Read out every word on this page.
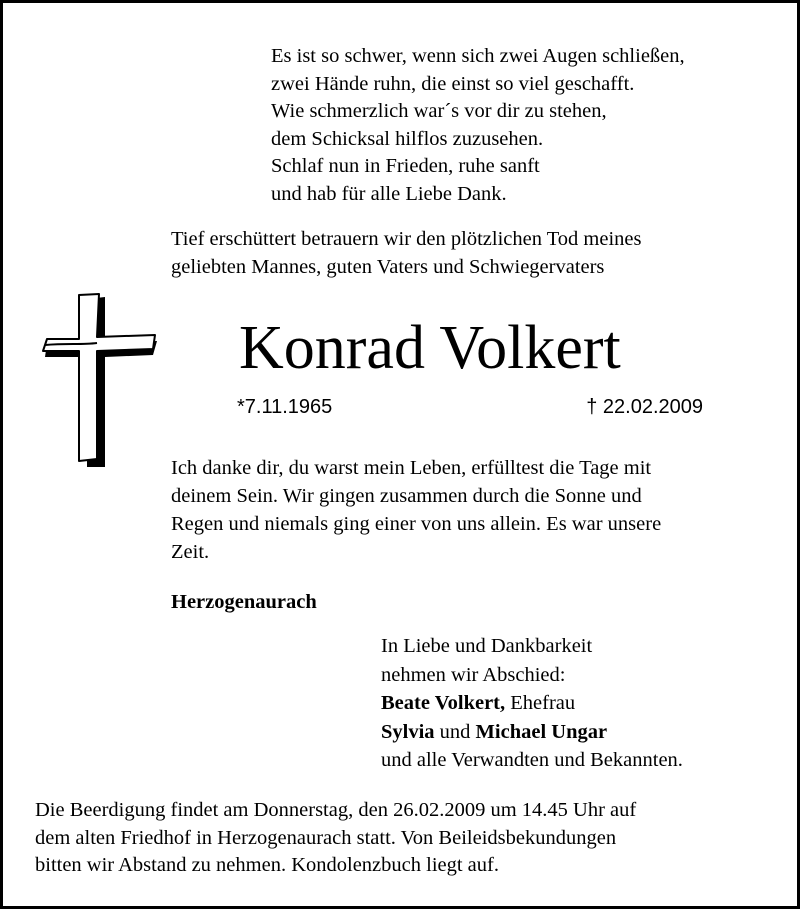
Es ist so schwer, wenn sich zwei Augen schließen,
zwei Hände ruhn, die einst so viel geschafft.
Wie schmerzlich war´s vor dir zu stehen,
dem Schicksal hilflos zuzusehen.
Schlaf nun in Frieden, ruhe sanft
und hab für alle Liebe Dank.
Tief erschüttert betrauern wir den plötzlichen Tod meines
geliebten Mannes, guten Vaters und Schwiegervaters
Konrad Volkert
*7.11.1965	† 22.02.2009
Ich danke dir, du warst mein Leben, erfülltest die Tage mit
deinem Sein. Wir gingen zusammen durch die Sonne und
Regen und niemals ging einer von uns allein. Es war unsere
Zeit.
Herzogenaurach
In Liebe und Dankbarkeit
nehmen wir Abschied:
Beate Volkert, Ehefrau
Sylvia und Michael Ungar
und alle Verwandten und Bekannten.
Die Beerdigung findet am Donnerstag, den 26.02.2009 um 14.45 Uhr auf
dem alten Friedhof in Herzogenaurach statt. Von Beileidsbekundungen
bitten wir Abstand zu nehmen. Kondolenzbuch liegt auf.
